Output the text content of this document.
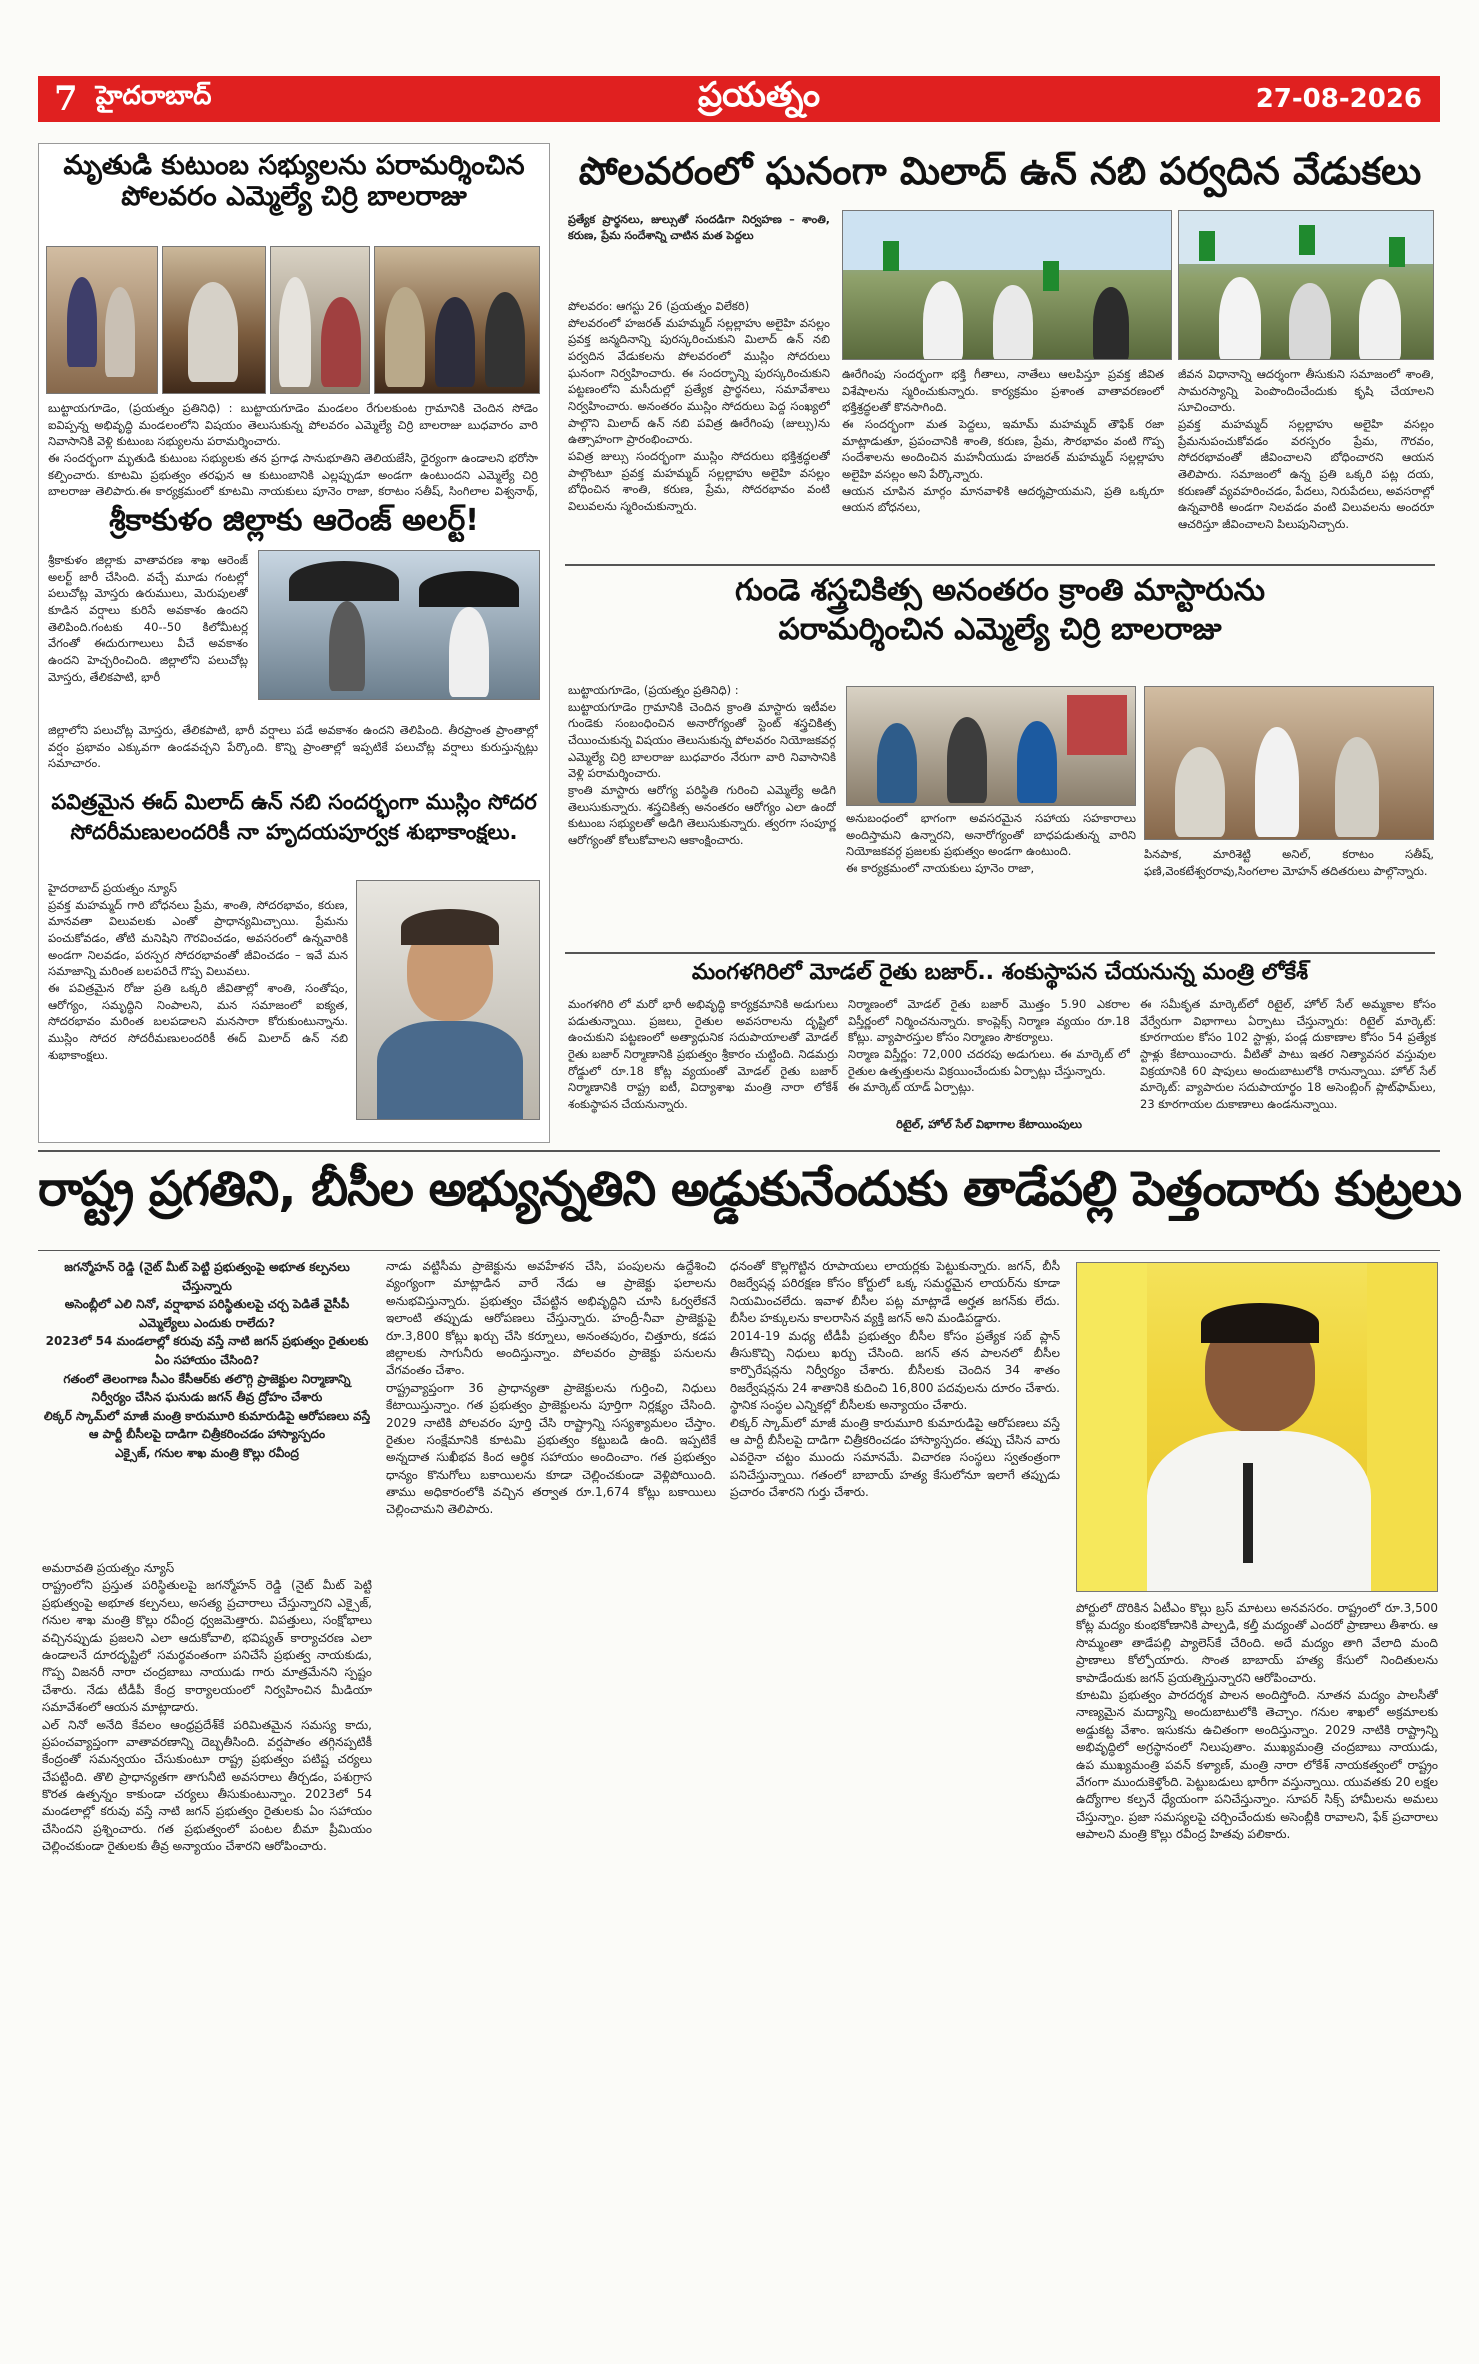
7 హైదరాబాద్	ప్రయత్నం	27-08-2026
మృతుడి కుటుంబ సభ్యులను పరామర్శించిన
పోలవరం ఎమ్మెల్యే చిర్రి బాలరాజు
బుట్టాయగూడెం, (ప్రయత్నం ప్రతినిధి) : బుట్టాయగూడెం మండలం రేగులకుంట గ్రామానికి చెందిన సోడెం ఐవిప్పన్న అభివృద్ధి మండలంలోని విషయం తెలుసుకున్న పోలవరం ఎమ్మెల్యే చిర్రి బాలరాజు బుధవారం వారి నివాసానికి వెళ్లి కుటుంబ సభ్యులను పరామర్శించారు.
ఈ సందర్భంగా మృతుడి కుటుంబ సభ్యులకు తన ప్రగాఢ సానుభూతిని తెలియజేసి, ధైర్యంగా ఉండాలని భరోసా కల్పించారు. కూటమి ప్రభుత్వం తరఫున ఆ కుటుంబానికి ఎల్లప్పుడూ అండగా ఉంటుందని ఎమ్మెల్యే చిర్రి బాలరాజు తెలిపారు.ఈ కార్యక్రమంలో కూటమి నాయకులు పూనెం రాజా, కరాటం సతీష్, సింగిలాల విశ్వనాథ్,
శ్రీకాకుళం జిల్లాకు ఆరెంజ్ అలర్ట్!
శ్రీకాకుళం జిల్లాకు వాతావరణ శాఖ ఆరెంజ్ అలర్ట్ జారీ చేసింది. వచ్చే మూడు గంటల్లో పలుచోట్ల మోస్తరు ఉరుములు, మెరుపులతో కూడిన వర్షాలు కురిసే అవకాశం ఉందని తెలిపింది.గంటకు 40--50 కిలోమీటర్ల వేగంతో ఈదురుగాలులు వీచే అవకాశం ఉందని హెచ్చరించింది. జిల్లాలోని పలుచోట్ల మోస్తరు, తేలికపాటి, భారీ
జిల్లాలోని పలుచోట్ల మోస్తరు, తేలికపాటి, భారీ వర్షాలు పడే అవకాశం ఉందని తెలిపింది. తీరప్రాంత ప్రాంతాల్లో వర్షం ప్రభావం ఎక్కువగా ఉండవచ్చని పేర్కొంది. కొన్ని ప్రాంతాల్లో ఇప్పటికే పలుచోట్ల వర్షాలు కురుస్తున్నట్లు సమాచారం.
పవిత్రమైన ఈద్ మిలాద్ ఉన్ నబి సందర్భంగా ముస్లిం సోదర
సోదరీమణులందరికీ నా హృదయపూర్వక శుభాకాంక్షలు.
హైదరాబాద్ ప్రయత్నం న్యూస్
ప్రవక్త మహమ్మద్ గారి బోధనలు ప్రేమ, శాంతి, సోదరభావం, కరుణ, మానవతా విలువలకు ఎంతో ప్రాధాన్యమిచ్చాయి. ప్రేమను పంచుకోవడం, తోటి మనిషిని గౌరవించడం, అవసరంలో ఉన్నవారికి అండగా నిలవడం, పరస్పర సోదరభావంతో జీవించడం – ఇవే మన సమాజాన్ని మరింత బలపరిచే గొప్ప విలువలు.
ఈ పవిత్రమైన రోజు ప్రతి ఒక్కరి జీవితాల్లో శాంతి, సంతోషం, ఆరోగ్యం, సమృద్ధిని నింపాలని, మన సమాజంలో ఐక్యత, సోదరభావం మరింత బలపడాలని మనసారా కోరుకుంటున్నాను. ముస్లిం సోదర సోదరీమణులందరికీ ఈద్ మిలాద్ ఉన్ నబి శుభాకాంక్షలు.
పోలవరంలో ఘనంగా మిలాద్ ఉన్ నబి పర్వదిన వేడుకలు
ప్రత్యేక ప్రార్థనలు, జుల్సుతో సందడిగా నిర్వహణ – శాంతి, కరుణ, ప్రేమ సందేశాన్ని చాటిన మత పెద్దలు
పోలవరం: ఆగస్టు 26 (ప్రయత్నం విలేకరి)
పోలవరంలో హజరత్ మహమ్మద్ సల్లల్లాహు అలైహి వసల్లం ప్రవక్త జన్మదినాన్ని పురస్కరించుకుని మిలాద్ ఉన్ నబి పర్వదిన వేడుకలను పోలవరంలో ముస్లిం సోదరులు ఘనంగా నిర్వహించారు. ఈ సందర్భాన్ని పురస్కరించుకుని పట్టణంలోని మసీదుల్లో ప్రత్యేక ప్రార్థనలు, సమావేశాలు నిర్వహించారు. అనంతరం ముస్లిం సోదరులు పెద్ద సంఖ్యలో పాల్గొని మిలాద్ ఉన్ నబి పవిత్ర ఊరేగింపు (జుల్సు)ను ఉత్సాహంగా ప్రారంభించారు.
పవిత్ర జుల్సు సందర్భంగా ముస్లిం సోదరులు భక్తిశ్రద్ధలతో పాల్గొంటూ ప్రవక్త మహమ్మద్ సల్లల్లాహు అలైహి వసల్లం బోధించిన శాంతి, కరుణ, ప్రేమ, సోదరభావం వంటి విలువలను స్మరించుకున్నారు.
ఊరేగింపు సందర్భంగా భక్తి గీతాలు, నాతేలు ఆలపిస్తూ ప్రవక్త జీవిత విశేషాలను స్మరించుకున్నారు. కార్యక్రమం ప్రశాంత వాతావరణంలో భక్తిశ్రద్ధలతో కొనసాగింది.
ఈ సందర్భంగా మత పెద్దలు, ఇమామ్ మహమ్మద్ తౌఫిక్ రజా మాట్లాడుతూ, ప్రపంచానికి శాంతి, కరుణ, ప్రేమ, సౌరభావం వంటి గొప్ప సందేశాలను అందించిన మహనీయుడు హజరత్ మహమ్మద్ సల్లల్లాహు అలైహి వసల్లం అని పేర్కొన్నారు.
ఆయన చూపిన మార్గం మానవాళికి ఆదర్శప్రాయమని, ప్రతి ఒక్కరూ ఆయన బోధనలు,
జీవన విధానాన్ని ఆదర్శంగా తీసుకుని సమాజంలో శాంతి, సామరస్యాన్ని పెంపొందించేందుకు కృషి చేయాలని సూచించారు.
ప్రవక్త మహమ్మద్ సల్లల్లాహు అలైహి వసల్లం ప్రేమనుపంచుకోవడం వరస్పరం ప్రేమ, గౌరవం, సోదరభావంతో జీవించాలని బోధించారని ఆయన తెలిపారు. సమాజంలో ఉన్న ప్రతి ఒక్కరి పట్ల దయ, కరుణతో వ్యవహరించడం, పేదలు, నిరుపేదలు, అవసరాల్లో ఉన్నవారికి అండగా నిలవడం వంటి విలువలను అందరూ ఆచరిస్తూ జీవించాలని పిలుపునిచ్చారు.
గుండె శస్త్రచికిత్స అనంతరం క్రాంతి మాస్టారును
పరామర్శించిన ఎమ్మెల్యే చిర్రి బాలరాజు
బుట్టాయగూడెం, (ప్రయత్నం ప్రతినిధి) :
బుట్టాయగూడెం గ్రామానికి చెందిన క్రాంతి మాస్టారు ఇటీవల గుండెకు సంబంధించిన అనారోగ్యంతో స్టెంట్ శస్త్రచికిత్స చేయించుకున్న విషయం తెలుసుకున్న పోలవరం నియోజకవర్గ ఎమ్మెల్యే చిర్రి బాలరాజు బుధవారం నేరుగా వారి నివాసానికి వెళ్లి పరామర్శించారు.
క్రాంతి మాస్టారు ఆరోగ్య పరిస్థితి గురించి ఎమ్మెల్యే అడిగి తెలుసుకున్నారు. శస్త్రచికిత్స అనంతరం ఆరోగ్యం ఎలా ఉందో కుటుంబ సభ్యులతో అడిగి తెలుసుకున్నారు. త్వరగా సంపూర్ణ ఆరోగ్యంతో కోలుకోవాలని ఆకాంక్షించారు.
అనుబంధంలో భాగంగా అవసరమైన సహాయ సహకారాలు అందిస్తామని ఉన్నారని, అనారోగ్యంతో బాధపడుతున్న వారిని నియోజకవర్గ ప్రజలకు ప్రభుత్వం అండగా ఉంటుంది.
ఈ కార్యక్రమంలో నాయకులు పూనెం రాజా,
పినపాక, మారిశెట్టి అనిల్, కరాటం సతీష్, ఫణి,వెంకటేశ్వరరావు,సింగలాల మోహన్ తదితరులు పాల్గొన్నారు.
మంగళగిరిలో మోడల్ రైతు బజార్.. శంకుస్థాపన చేయనున్న మంత్రి లోకేశ్
మంగళగిరి లో మరో భారీ అభివృద్ధి కార్యక్రమానికి అడుగులు పడుతున్నాయి. ప్రజలు, రైతుల అవసరాలను దృష్టిలో ఉంచుకుని పట్టణంలో అత్యాధునిక సదుపాయాలతో మోడల్ రైతు బజార్ నిర్మాణానికి ప్రభుత్వం శ్రీకారం చుట్టింది. నిడమర్రు రోడ్డులో రూ.18 కోట్ల వ్యయంతో మోడల్ రైతు బజార్ నిర్మాణానికి రాష్ట్ర ఐటీ, విద్యాశాఖ మంత్రి నారా లోకేశ్ శంకుస్థాపన చేయనున్నారు.
నిర్మాణంలో మోడల్ రైతు బజార్ మొత్తం 5.90 ఎకరాల విస్తీర్ణంలో నిర్మించనున్నారు. కాంప్లెక్స్ నిర్మాణ వ్యయం రూ.18 కోట్లు. వ్యాపారస్తుల కోసం నిర్మాణం సౌకర్యాలు.
నిర్మాణ విస్తీర్ణం: 72,000 చదరపు అడుగులు. ఈ మార్కెట్ లో రైతుల ఉత్పత్తులను విక్రయించేందుకు ఏర్పాట్లు చేస్తున్నారు.
ఈ మార్కెట్ యాడ్ ఏర్పాట్లు.
రిటైల్, హోల్ సేల్ విభాగాల కేటాయింపులు
ఈ సమీకృత మార్కెట్‌లో రిటైల్, హోల్ సేల్ అమ్మకాల కోసం వేర్వేరుగా విభాగాలు ఏర్పాటు చేస్తున్నారు: రిటైల్ మార్కెట్: కూరగాయల కోసం 102 స్టాళ్లు, పండ్ల దుకాణాల కోసం 54 ప్రత్యేక స్టాళ్లు కేటాయించారు. వీటితో పాటు ఇతర నిత్యావసర వస్తువుల విక్రయానికి 60 షాపులు అందుబాటులోకి రానున్నాయి. హోల్ సేల్ మార్కెట్: వ్యాపారుల సదుపాయార్థం 18 అసెంబ్లింగ్ ప్లాట్‌ఫామ్‌లు, 23 కూరగాయల దుకాణాలు ఉండనున్నాయి.
రాష్ట్ర ప్రగతిని, బీసీల అభ్యున్నతిని అడ్డుకునేందుకు తాడేపల్లి పెత్తందారు కుట్రలు
జగన్మోహన్ రెడ్డి (నైట్ మీట్ పెట్టి ప్రభుత్వంపై అభూత కల్పనలు చేస్తున్నారు
అసెంబ్లీలో ఎలి నినో, వర్షాభావ పరిస్థితులపై చర్చ పెడితే వైసీపీ ఎమ్మెల్యేలు ఎందుకు రాలేదు?
2023లో 54 మండలాల్లో కరువు వస్తే నాటి జగన్ ప్రభుత్వం రైతులకు ఏం సహాయం చేసింది?
గతంలో తెలంగాణ సీఎం కేసీఆర్‌కు తలొగ్గి ప్రాజెక్టుల నిర్మాణాన్ని నిర్వీర్యం చేసిన ఘనుడు జగన్ తీవ్ర ద్రోహం చేశారు
లిక్కర్ స్కామ్‌లో మాజీ మంత్రి కారుమూరి కుమారుడిపై ఆరోపణలు వస్తే ఆ పార్టీ బీసీలపై దాడిగా చిత్రీకరించడం హాస్యాస్పదం
ఎక్సైజ్, గనుల శాఖ మంత్రి కొల్లు రవీంద్ర
అమరావతి ప్రయత్నం న్యూస్
రాష్ట్రంలోని ప్రస్తుత పరిస్థితులపై జగన్మోహన్ రెడ్డి (నైట్ మీట్ పెట్టి ప్రభుత్వంపై అభూత కల్పనలు, అసత్య ప్రచారాలు చేస్తున్నారని ఎక్సైజ్, గనుల శాఖ మంత్రి కొల్లు రవీంద్ర ధ్వజమెత్తారు. విపత్తులు, సంక్షోభాలు వచ్చినప్పుడు ప్రజలని ఎలా ఆదుకోవాలి, భవిష్యత్ కార్యాచరణ ఎలా ఉండాలనే దూరదృష్టిలో సమర్థవంతంగా పనిచేసే ప్రభుత్వ నాయకుడు, గొప్ప విజనరీ నారా చంద్రబాబు నాయుడు గారు మాత్రమేనని స్పష్టం చేశారు. నేడు టీడీపీ కేంద్ర కార్యాలయంలో నిర్వహించిన మీడియా సమావేశంలో ఆయన మాట్లాడారు.
ఎల్ నినో అనేది కేవలం ఆంధ్రప్రదేశ్‌కే పరిమితమైన సమస్య కాదు, ప్రపంచవ్యాప్తంగా వాతావరణాన్ని దెబ్బతీసింది. వర్షపాతం తగ్గినప్పటికీ కేంద్రంతో సమన్వయం చేసుకుంటూ రాష్ట్ర ప్రభుత్వం పటిష్ట చర్యలు చేపట్టింది. తొలి ప్రాధాన్యతగా తాగునీటి అవసరాలు తీర్చడం, పశుగ్రాస కొరత ఉత్పన్నం కాకుండా చర్యలు తీసుకుంటున్నాం. 2023లో 54 మండలాల్లో కరువు వస్తే నాటి జగన్ ప్రభుత్వం రైతులకు ఏం సహాయం చేసిందని ప్రశ్నించారు. గత ప్రభుత్వంలో పంటల బీమా ప్రీమియం చెల్లించకుండా రైతులకు తీవ్ర అన్యాయం చేశారని ఆరోపించారు.
నాడు వట్టిసీమ ప్రాజెక్టును అవహేళన చేసి, పంపులను ఉద్దేశించి వ్యంగ్యంగా మాట్లాడిన వారే నేడు ఆ ప్రాజెక్టు ఫలాలను అనుభవిస్తున్నారు. ప్రభుత్వం చేపట్టిన అభివృద్ధిని చూసి ఓర్వలేకనే ఇలాంటి తప్పుడు ఆరోపణలు చేస్తున్నారు. హంద్రీ-నీవా ప్రాజెక్టుపై రూ.3,800 కోట్లు ఖర్చు చేసి కర్నూలు, అనంతపురం, చిత్తూరు, కడప జిల్లాలకు సాగునీరు అందిస్తున్నాం. పోలవరం ప్రాజెక్టు పనులను వేగవంతం చేశాం.
రాష్ట్రవ్యాప్తంగా 36 ప్రాధాన్యతా ప్రాజెక్టులను గుర్తించి, నిధులు కేటాయిస్తున్నాం. గత ప్రభుత్వం ప్రాజెక్టులను పూర్తిగా నిర్లక్ష్యం చేసింది. 2029 నాటికి పోలవరం పూర్తి చేసి రాష్ట్రాన్ని సస్యశ్యామలం చేస్తాం. రైతుల సంక్షేమానికి కూటమి ప్రభుత్వం కట్టుబడి ఉంది. ఇప్పటికే అన్నదాత సుఖీభవ కింద ఆర్థిక సహాయం అందించాం. గత ప్రభుత్వం ధాన్యం కొనుగోలు బకాయిలను కూడా చెల్లించకుండా వెళ్లిపోయింది. తాము అధికారంలోకి వచ్చిన తర్వాత రూ.1,674 కోట్లు బకాయిలు చెల్లించామని తెలిపారు.
ధనంతో కొల్లగొట్టిన రూపాయలు లాయర్లకు పెట్టుకున్నారు. జగన్, బీసీ రిజర్వేషన్ల పరిరక్షణ కోసం కోర్టులో ఒక్క సమర్థమైన లాయర్‌ను కూడా నియమించలేదు. ఇవాళ బీసీల పట్ల మాట్లాడే అర్హత జగన్‌కు లేదు. బీసీల హక్కులను కాలరాసిన వ్యక్తి జగన్ అని మండిపడ్డారు.
2014-19 మధ్య టీడీపీ ప్రభుత్వం బీసీల కోసం ప్రత్యేక సబ్ ప్లాన్ తీసుకొచ్చి నిధులు ఖర్చు చేసింది. జగన్ తన పాలనలో బీసీల కార్పొరేషన్లను నిర్వీర్యం చేశారు. బీసీలకు చెందిన 34 శాతం రిజర్వేషన్లను 24 శాతానికి కుదించి 16,800 పదవులను దూరం చేశారు. స్థానిక సంస్థల ఎన్నికల్లో బీసీలకు అన్యాయం చేశారు.
లిక్కర్ స్కామ్‌లో మాజీ మంత్రి కారుమూరి కుమారుడిపై ఆరోపణలు వస్తే ఆ పార్టీ బీసీలపై దాడిగా చిత్రీకరించడం హాస్యాస్పదం. తప్పు చేసిన వారు ఎవరైనా చట్టం ముందు సమానమే. విచారణ సంస్థలు స్వతంత్రంగా పనిచేస్తున్నాయి. గతంలో బాబాయ్ హత్య కేసులోనూ ఇలాగే తప్పుడు ప్రచారం చేశారని గుర్తు చేశారు.
పోర్టులో దొరికిన ఏటీఎం కొల్లు బ్రస్ మాటలు అనవసరం. రాష్ట్రంలో రూ.3,500 కోట్ల మద్యం కుంభకోణానికి పాల్పడి, కల్తీ మద్యంతో ఎందరో ప్రాణాలు తీశారు. ఆ సొమ్మంతా తాడేపల్లి ప్యాలెస్‌కే చేరింది. అదే మద్యం తాగి వేలాది మంది ప్రాణాలు కోల్పోయారు. సొంత బాబాయ్ హత్య కేసులో నిందితులను కాపాడేందుకు జగన్ ప్రయత్నిస్తున్నారని ఆరోపించారు.
కూటమి ప్రభుత్వం పారదర్శక పాలన అందిస్తోంది. నూతన మద్యం పాలసీతో నాణ్యమైన మద్యాన్ని అందుబాటులోకి తెచ్చాం. గనుల శాఖలో అక్రమాలకు అడ్డుకట్ట వేశాం. ఇసుకను ఉచితంగా అందిస్తున్నాం. 2029 నాటికి రాష్ట్రాన్ని అభివృద్ధిలో అగ్రస్థానంలో నిలుపుతాం. ముఖ్యమంత్రి చంద్రబాబు నాయుడు, ఉప ముఖ్యమంత్రి పవన్ కళ్యాణ్, మంత్రి నారా లోకేశ్ నాయకత్వంలో రాష్ట్రం వేగంగా ముందుకెళ్తోంది. పెట్టుబడులు భారీగా వస్తున్నాయి. యువతకు 20 లక్షల ఉద్యోగాల కల్పనే ధ్యేయంగా పనిచేస్తున్నాం. సూపర్ సిక్స్ హామీలను అమలు చేస్తున్నాం. ప్రజా సమస్యలపై చర్చించేందుకు అసెంబ్లీకి రావాలని, ఫేక్ ప్రచారాలు ఆపాలని మంత్రి కొల్లు రవీంద్ర హితవు పలికారు.
